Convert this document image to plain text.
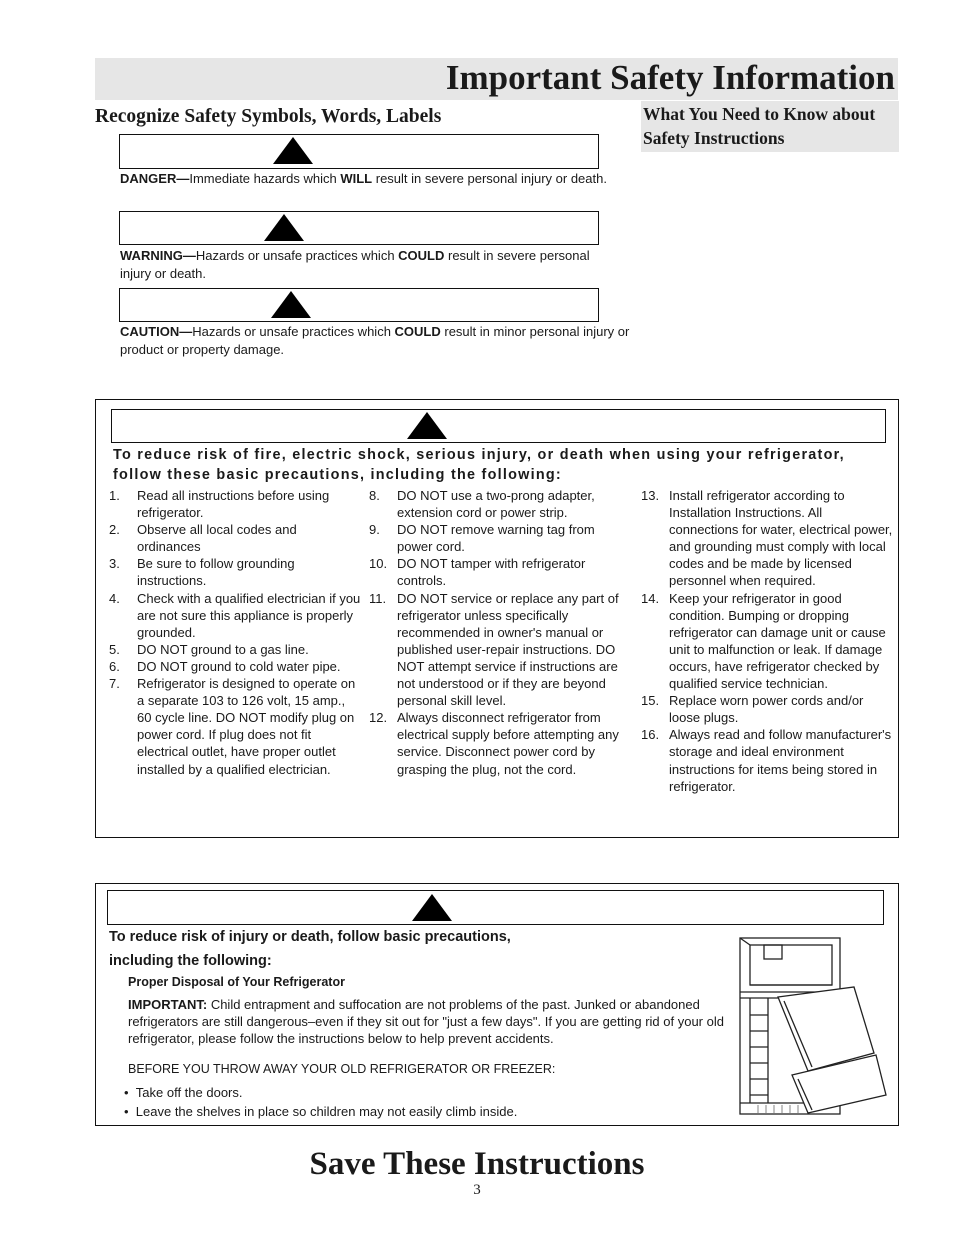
Important Safety Information
Recognize Safety Symbols, Words, Labels	What You Need to Know about Safety Instructions
DANGER—Immediate hazards which WILL result in severe personal injury or death.
WARNING—Hazards or unsafe practices which COULD result in severe personal injury or death.
CAUTION—Hazards or unsafe practices which COULD result in minor personal injury or product or property damage.
To reduce risk of fire, electric shock, serious injury, or death when using your refrigerator, follow these basic precautions, including the following:
1. Read all instructions before using refrigerator.
2. Observe all local codes and ordinances
3. Be sure to follow grounding instructions.
4. Check with a qualified electrician if you are not sure this appliance is properly grounded.
5. DO NOT ground to a gas line.
6. DO NOT ground to cold water pipe.
7. Refrigerator is designed to operate on a separate 103 to 126 volt, 15 amp., 60 cycle line. DO NOT modify plug on power cord. If plug does not fit electrical outlet, have proper outlet installed by a qualified electrician.
8. DO NOT use a two-prong adapter, extension cord or power strip.
9. DO NOT remove warning tag from power cord.
10. DO NOT tamper with refrigerator controls.
11. DO NOT service or replace any part of refrigerator unless specifically recommended in owner's manual or published user-repair instructions. DO NOT attempt service if instructions are not understood or if they are beyond personal skill level.
12. Always disconnect refrigerator from electrical supply before attempting any service. Disconnect power cord by grasping the plug, not the cord.
13. Install refrigerator according to Installation Instructions. All connections for water, electrical power, and grounding must comply with local codes and be made by licensed personnel when required.
14. Keep your refrigerator in good condition. Bumping or dropping refrigerator can damage unit or cause unit to malfunction or leak. If damage occurs, have refrigerator checked by qualified service technician.
15. Replace worn power cords and/or loose plugs.
16. Always read and follow manufacturer's storage and ideal environment instructions for items being stored in refrigerator.
To reduce risk of injury or death, follow basic precautions,
including the following:
Proper Disposal of Your Refrigerator
IMPORTANT: Child entrapment and suffocation are not problems of the past. Junked or abandoned refrigerators are still dangerous–even if they sit out for "just a few days". If you are getting rid of your old refrigerator, please follow the instructions below to help prevent accidents.
BEFORE YOU THROW AWAY YOUR OLD REFRIGERATOR OR FREEZER:
•  Take off the doors.
•  Leave the shelves in place so children may not easily climb inside.
Save These Instructions
3
